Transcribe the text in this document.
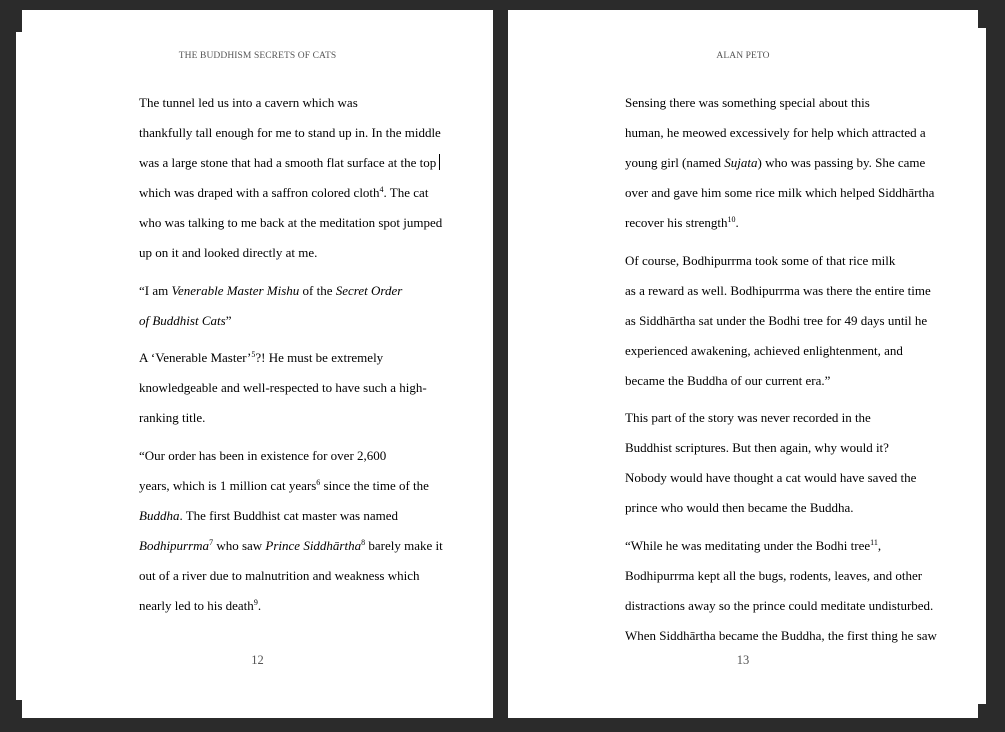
THE BUDDHISM SECRETS OF CATS

The tunnel led us into a cavern which was
thankfully tall enough for me to stand up in. In the middle
was a large stone that had a smooth flat surface at the top
which was draped with a saffron colored cloth$^4$. The cat
who was talking to me back at the meditation spot jumped
up on it and looked directly at me.

“I am Venerable Master Mishu of the Secret Order
of Buddhist Cats”

A ‘Venerable Master’$^5$?! He must be extremely
knowledgeable and well-respected to have such a high-
ranking title.

“Our order has been in existence for over 2,600
years, which is 1 million cat years$^6$ since the time of the
Buddha. The first Buddhist cat master was named
Bodhipurrma$^7$ who saw Prince Siddhārtha$^8$ barely make it
out of a river due to malnutrition and weakness which
nearly led to his death$^9$.

12
ALAN PETO

Sensing there was something special about this
human, he meowed excessively for help which attracted a
young girl (named Sujata) who was passing by. She came
over and gave him some rice milk which helped Siddhārtha
recover his strength$^{10}$.

Of course, Bodhipurrma took some of that rice milk
as a reward as well. Bodhipurrma was there the entire time
as Siddhārtha sat under the Bodhi tree for 49 days until he
experienced awakening, achieved enlightenment, and
became the Buddha of our current era.”

This part of the story was never recorded in the
Buddhist scriptures. But then again, why would it?
Nobody would have thought a cat would have saved the
prince who would then became the Buddha.

“While he was meditating under the Bodhi tree$^{11}$,
Bodhipurrma kept all the bugs, rodents, leaves, and other
distractions away so the prince could meditate undisturbed.
When Siddhārtha became the Buddha, the first thing he saw

13
